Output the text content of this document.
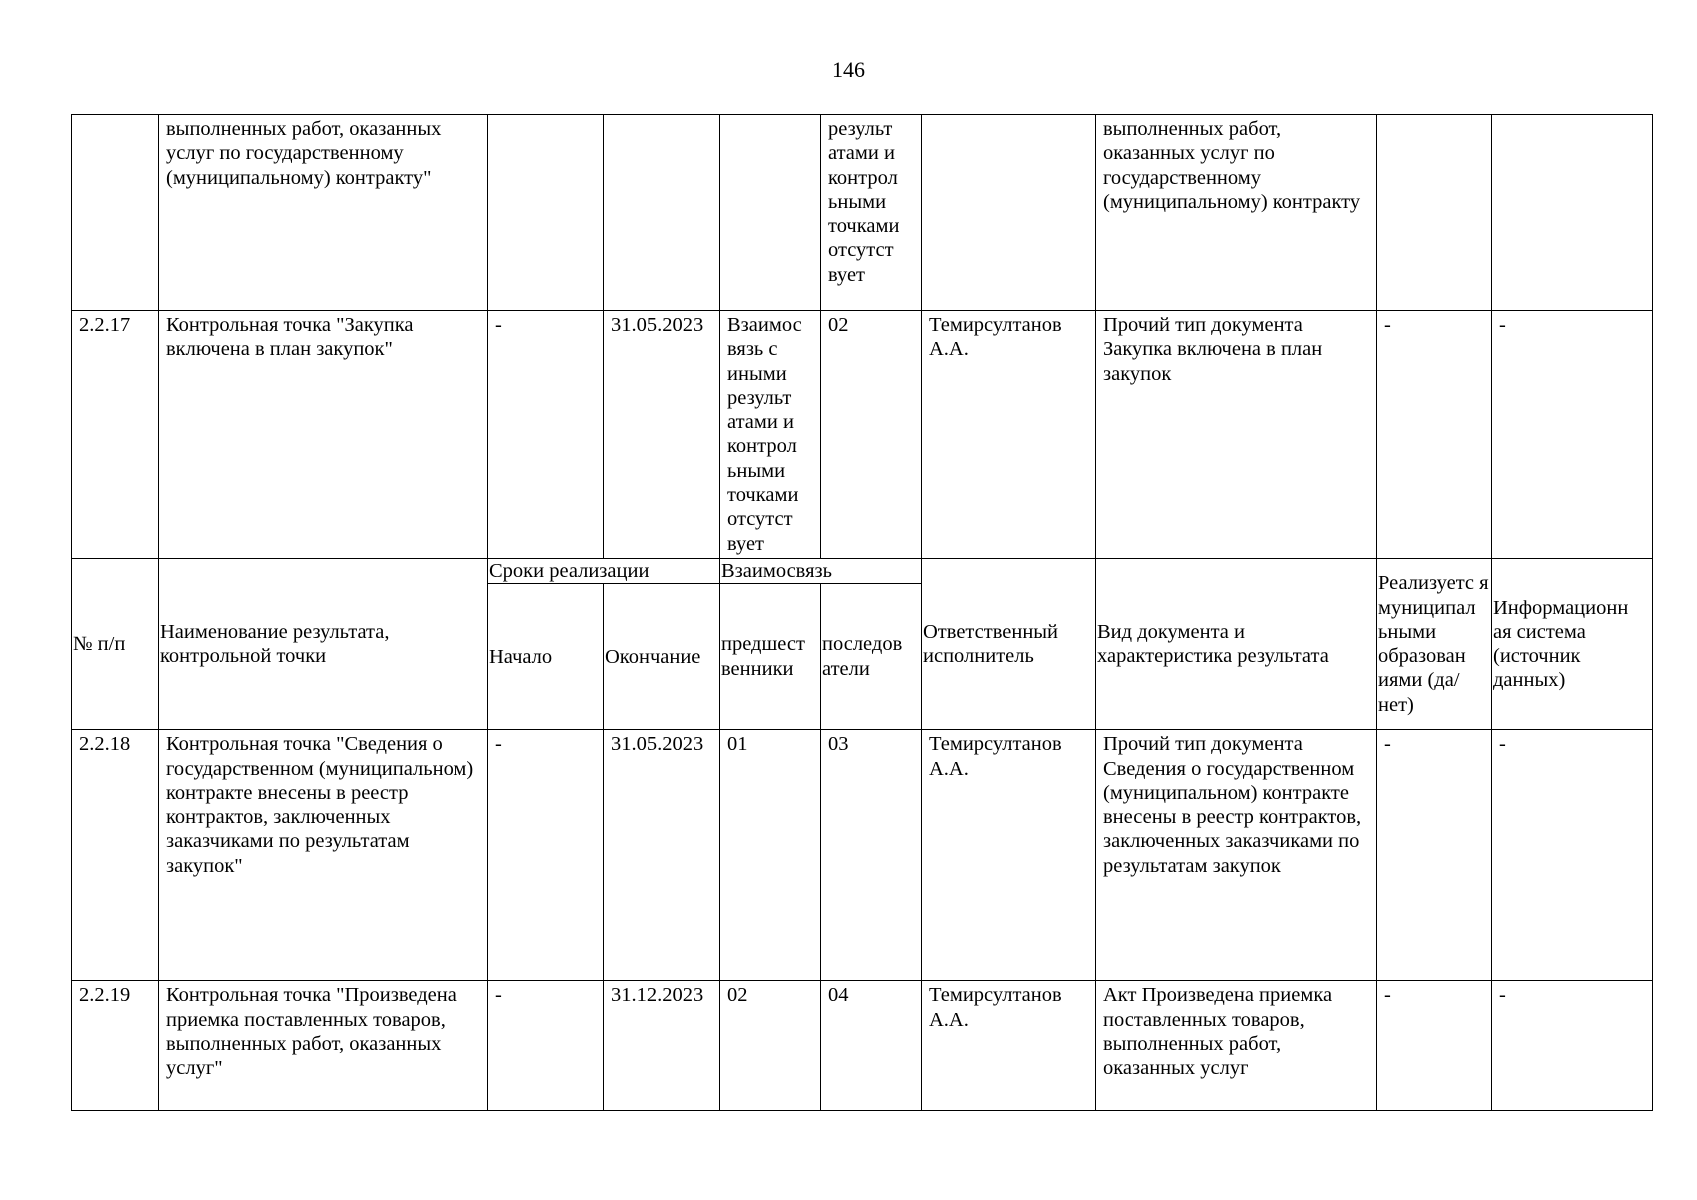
146
	выполненных работ, оказанных услуг по государственному (муниципальному) контракту"				результ атами и контрол ьными точками отсутст вует		выполненных работ, оказанных услуг по государственному (муниципальному) контракту		
2.2.17	Контрольная точка "Закупка включена в план закупок"	-	31.05.2023	Взаимос вязь с иными результ атами и контрол ьными точками отсутст вует	02	Темирсултанов А.А.	Прочий тип документа Закупка включена в план закупок	-	-
№ п/п	Наименование результата, контрольной точки	Сроки реализации		Взаимосвязь		Ответственный исполнитель	Вид документа и характеристика результата	Реализуетс я муниципал ьными образован иями (да/нет)	Информационн ая система (источник данных)
		Начало	Окончание	предшест венники	последов атели				
2.2.18	Контрольная точка "Сведения о государственном (муниципальном) контракте внесены в реестр контрактов, заключенных заказчиками по результатам закупок"	-	31.05.2023	01	03	Темирсултанов А.А.	Прочий тип документа Сведения о государственном (муниципальном) контракте внесены в реестр контрактов, заключенных заказчиками по результатам закупок	-	-
2.2.19	Контрольная точка "Произведена приемка поставленных товаров, выполненных работ, оказанных услуг"	-	31.12.2023	02	04	Темирсултанов А.А.	Акт Произведена приемка поставленных товаров, выполненных работ, оказанных услуг	-	-
